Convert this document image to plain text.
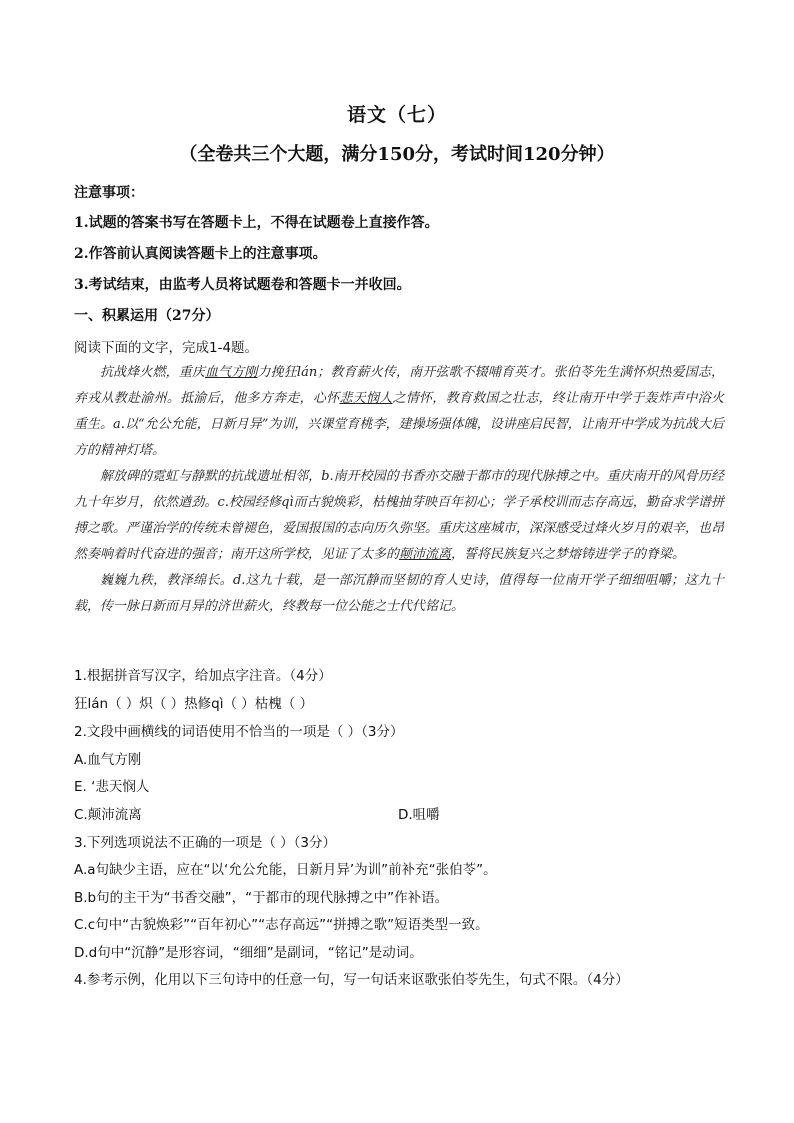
语文（七）
（全卷共三个大题，满分150分，考试时间120分钟）
注意事项：
1.试题的答案书写在答题卡上，不得在试题卷上直接作答。
2.作答前认真阅读答题卡上的注意事项。
3.考试结束，由监考人员将试题卷和答题卡一并收回。
一、积累运用（27分）
阅读下面的文字，完成1-4题。

抗战烽火燃，重庆血气方刚力挽狂lán；教育薪火传，南开弦歌不辍哺育英才。张伯苓先生满怀炽热爱国志，弃戎从教赴渝州。抵渝后，他多方奔走，心怀悲天悯人之情怀，教育救国之壮志，终让南开中学于轰炸声中浴火重生。a.以“允公允能，日新月异”为训，兴课堂育桃李，建操场强体魄，设讲座启民智，让南开中学成为抗战大后方的精神灯塔。

解放碑的霓虹与静默的抗战遗址相邻，b.南开校园的书香亦交融于都市的现代脉搏之中。重庆南开的风骨历经九十年岁月，依然遒劲。c.校园经修qì而古貌焕彩，枯槐抽芽映百年初心；学子承校训而志存高远，勤奋求学谱拼搏之歌。严谨治学的传统未曾褪色，爱国报国的志向历久弥坚。重庆这座城市，深深感受过烽火岁月的艰辛，也昂然奏响着时代奋进的强音；南开这所学校，见证了太多的颠沛流离，誓将民族复兴之梦熔铸进学子的脊梁。

巍巍九秩，教泽绵长。d.这九十载，是一部沉静而坚韧的育人史诗，值得每一位南开学子细细咀嚼；这九十载，传一脉日新而月异的济世薪火，终教每一位公能之士代代铭记。

1.根据拼音写汉字，给加点字注音。（4分）
狂lán（ ）炽（ ）热修qì（ ）枯槐（ ）
2.文段中画横线的词语使用不恰当的一项是（ ）（3分）
A.血气方刚
E. ‘悲天悯人
C.颠沛流离	D.咀嚼
3.下列选项说法不正确的一项是（ ）（3分）
A.a句缺少主语，应在“以‘允公允能，日新月异’为训”前补充“张伯苓”。
B.b句的主干为“书香交融”，“于都市的现代脉搏之中”作补语。
C.c句中“古貌焕彩”“百年初心”“志存高远”“拼搏之歌”短语类型一致。
D.d句中“沉静”是形容词，“细细”是副词，“铭记”是动词。
4.参考示例，化用以下三句诗中的任意一句，写一句话来讴歌张伯苓先生，句式不限。（4分）
